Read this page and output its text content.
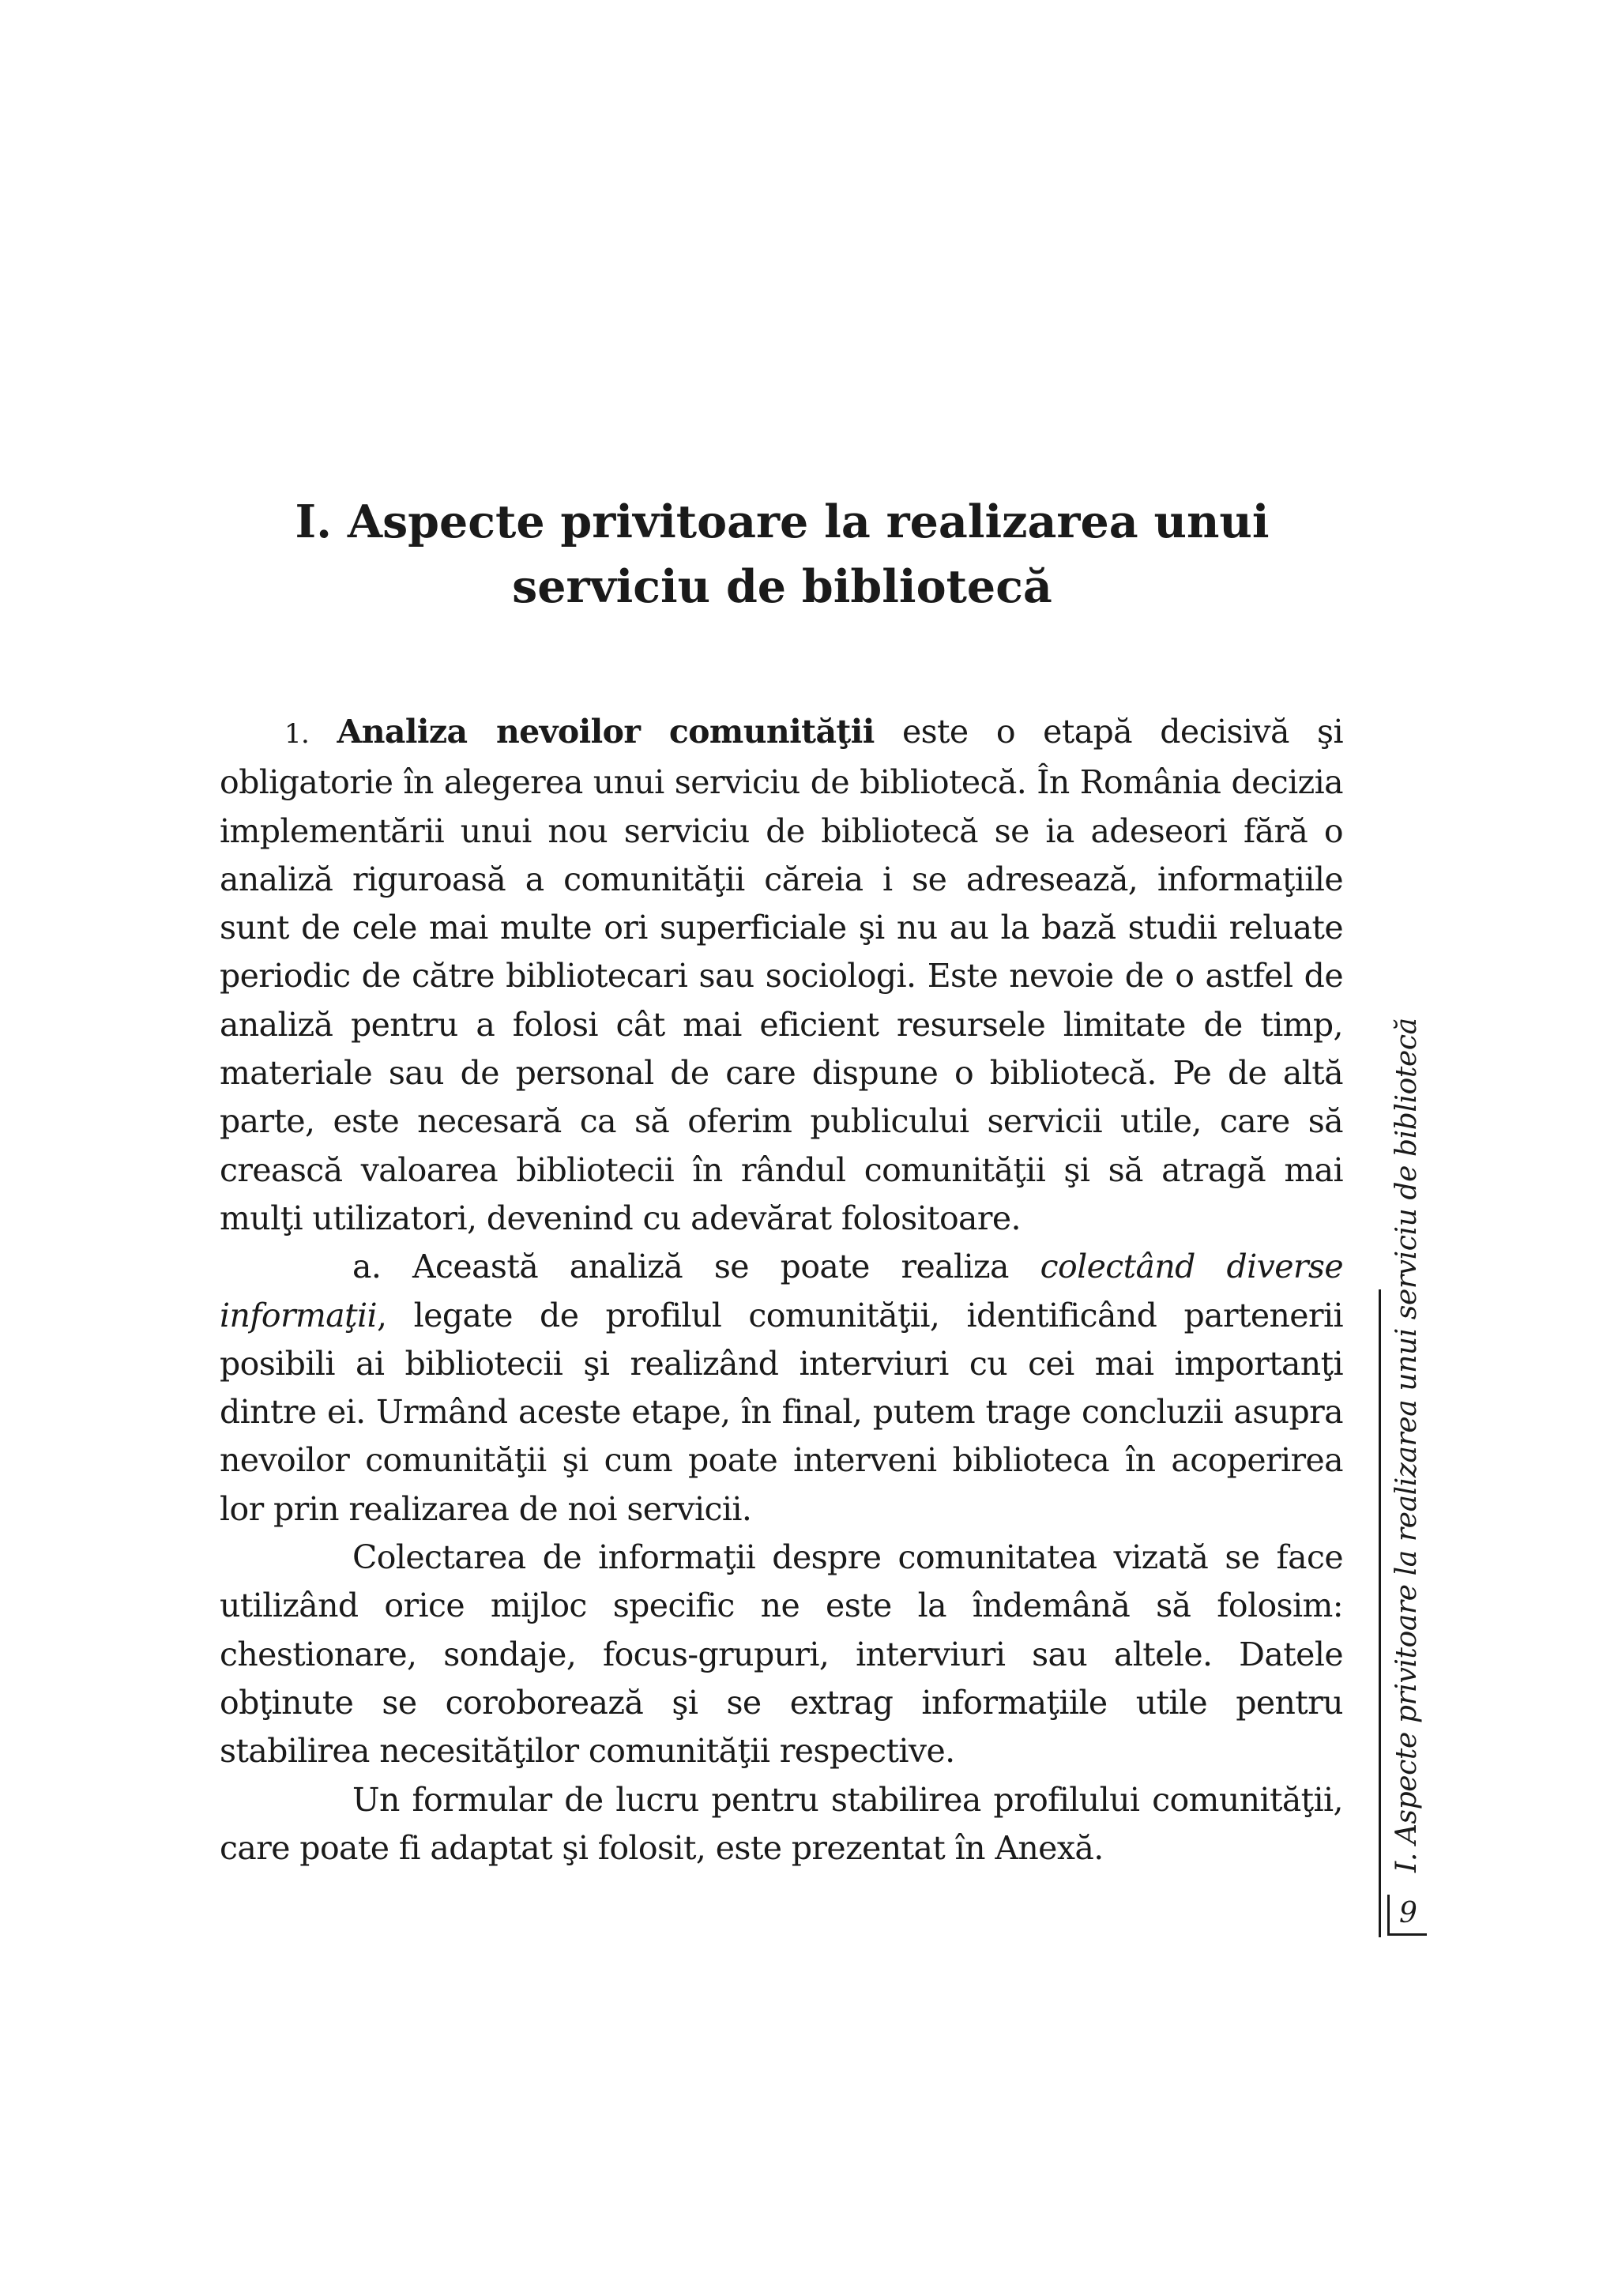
I. Aspecte privitoare la realizarea unui
serviciu de bibliotecă

1. Analiza nevoilor comunităţii este o etapă decisivă şi obligatorie în alegerea unui serviciu de bibliotecă. În România decizia implementării unui nou serviciu de bibliotecă se ia adeseori fără o analiză riguroasă a comunităţii căreia i se adresează, informaţiile sunt de cele mai multe ori superficiale şi nu au la bază studii reluate periodic de către bibliotecari sau sociologi. Este nevoie de o astfel de analiză pentru a folosi cât mai eficient resursele limitate de timp, materiale sau de personal de care dispune o bibliotecă. Pe de altă parte, este necesară ca să oferim publicului servicii utile, care să crească valoarea bibliotecii în rândul comunităţii şi să atragă mai mulţi utilizatori, devenind cu adevărat folositoare.

a. Această analiză se poate realiza colectând diverse informaţii, legate de profilul comunităţii, identificând partenerii posibili ai bibliotecii şi realizând interviuri cu cei mai importanţi dintre ei. Urmând aceste etape, în final, putem trage concluzii asupra nevoilor comunităţii şi cum poate interveni biblioteca în acoperirea lor prin realizarea de noi servicii.

Colectarea de informaţii despre comunitatea vizată se face utilizând orice mijloc specific ne este la îndemână să folosim: chestionare, sondaje, focus-grupuri, interviuri sau altele. Datele obţinute se coroborează şi se extrag informaţiile utile pentru stabilirea necesităţilor comunităţii respective.

Un formular de lucru pentru stabilirea profilului comunităţii, care poate fi adaptat şi folosit, este prezentat în Anexă.	I. Aspecte privitoare la realizarea unui serviciu de bibliotecă
9
